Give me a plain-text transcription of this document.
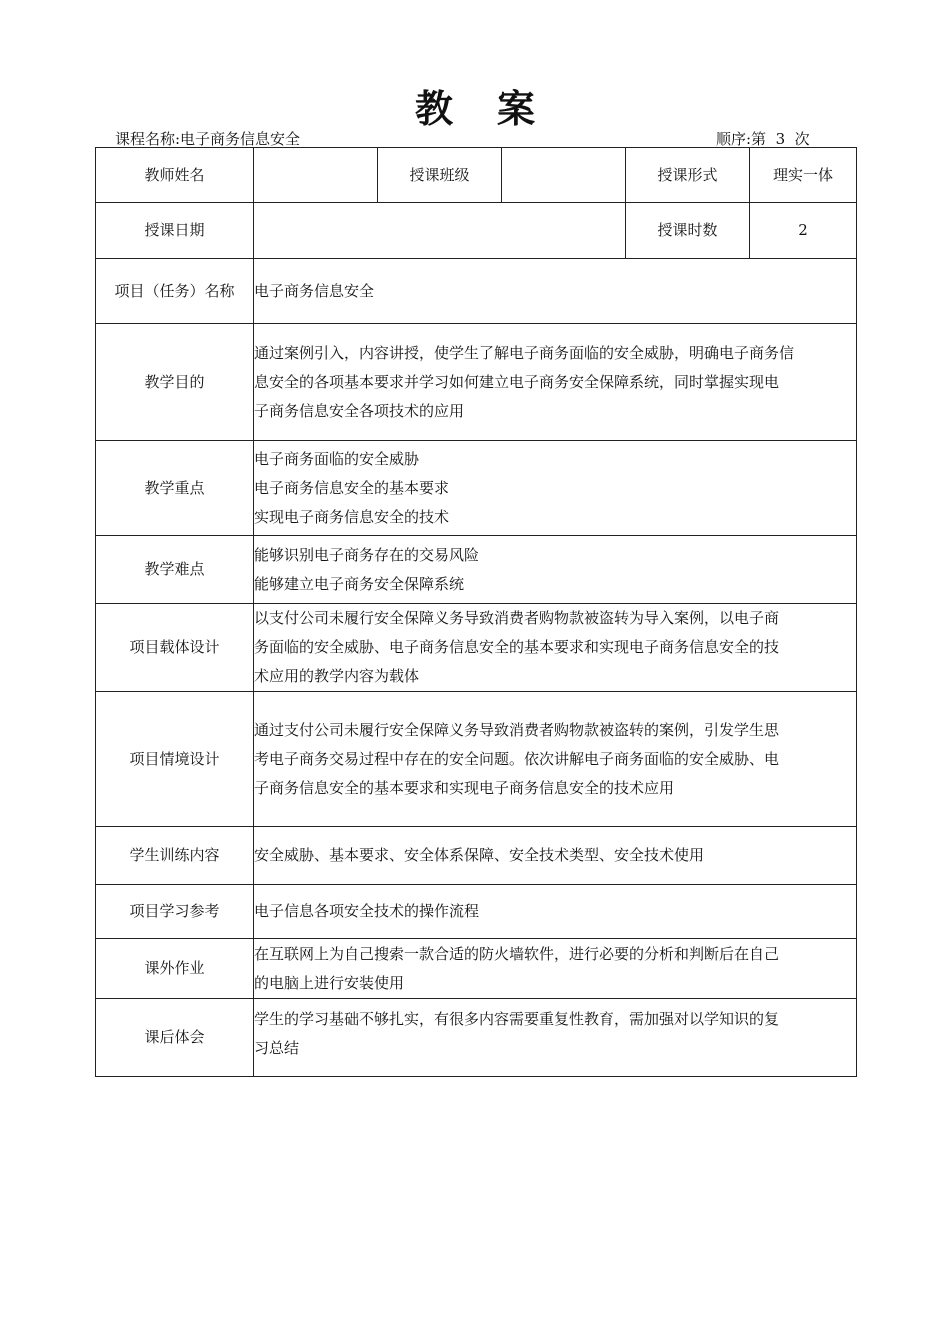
教案
课程名称:电子商务信息安全	顺序:第  3  次
教师姓名		授课班级		授课形式	理实一体
授课日期				授课时数	2
项目（任务）名称	电子商务信息安全				
教学目的	通过案例引入，内容讲授，使学生了解电子商务面临的安全威胁，明确电子商务信
息安全的各项基本要求并学习如何建立电子商务安全保障系统，同时掌握实现电
子商务信息安全各项技术的应用				

教学重点	电子商务面临的安全威胁
电子商务信息安全的基本要求
实现电子商务信息安全的技术				

教学难点	能够识别电子商务存在的交易风险
能够建立电子商务安全保障系统				

项目载体设计	以支付公司未履行安全保障义务导致消费者购物款被盗转为导入案例，以电子商
务面临的安全威胁、电子商务信息安全的基本要求和实现电子商务信息安全的技
术应用的教学内容为载体				

项目情境设计	通过支付公司未履行安全保障义务导致消费者购物款被盗转的案例，引发学生思
考电子商务交易过程中存在的安全问题。依次讲解电子商务面临的安全威胁、电
子商务信息安全的基本要求和实现电子商务信息安全的技术应用				

学生训练内容	安全威胁、基本要求、安全体系保障、安全技术类型、安全技术使用				
项目学习参考	电子信息各项安全技术的操作流程				
课外作业	在互联网上为自己搜索一款合适的防火墙软件，进行必要的分析和判断后在自己
的电脑上进行安装使用				

课后体会	学生的学习基础不够扎实，有很多内容需要重复性教育，需加强对以学知识的复
习总结				
